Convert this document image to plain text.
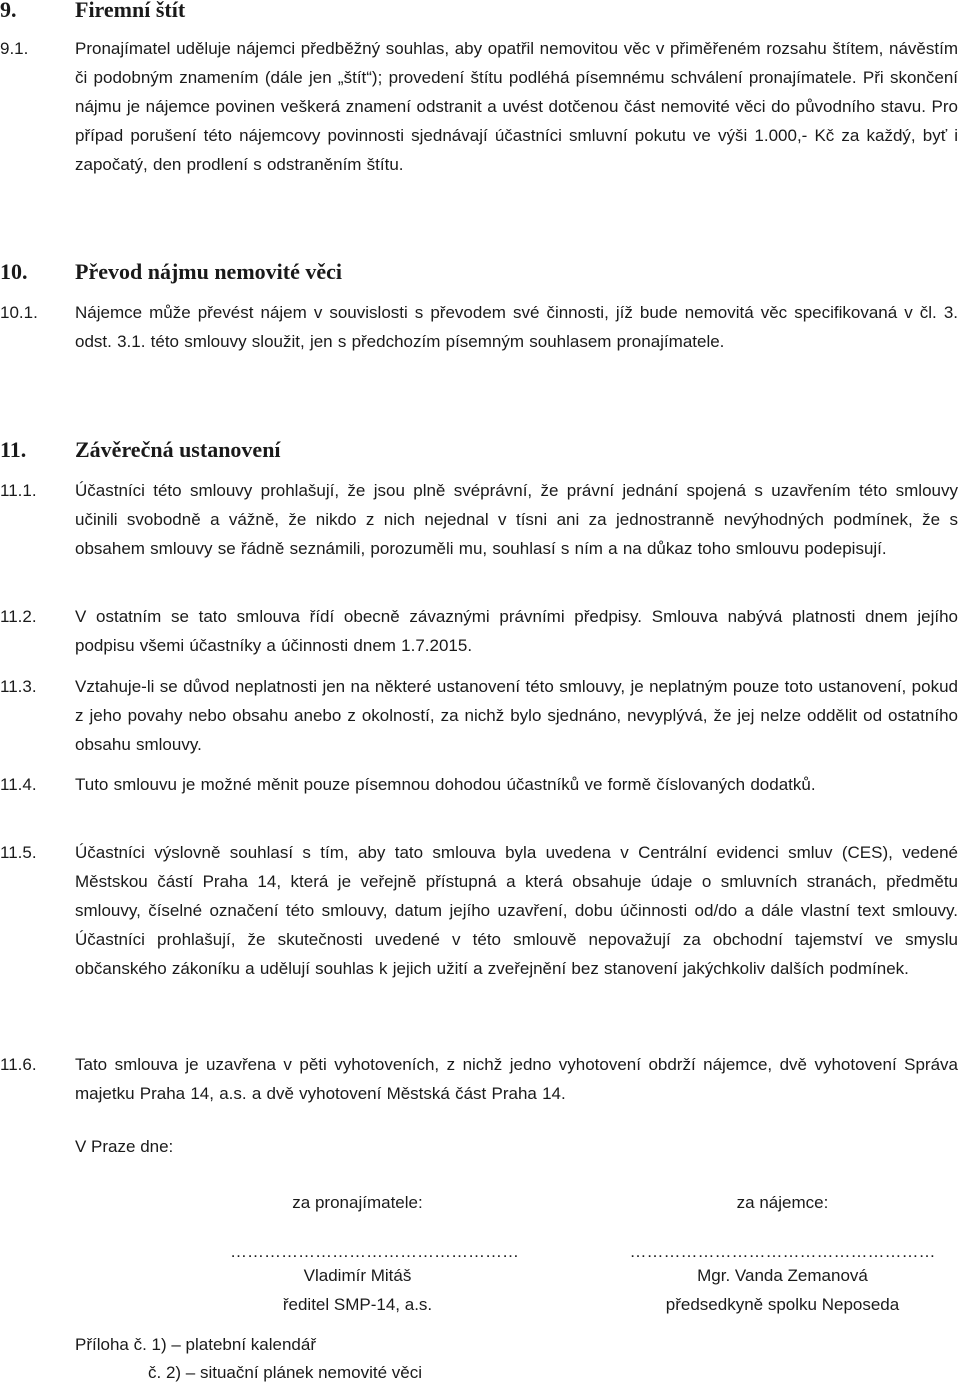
9.	Firemní štít
9.1.	Pronajímatel uděluje nájemci předběžný souhlas, aby opatřil nemovitou věc v přiměřeném rozsahu štítem, návěstím či podobným znamením (dále jen „štít“); provedení štítu podléhá písemnému schválení pronajímatele. Při skončení nájmu je nájemce povinen veškerá znamení odstranit a uvést dotčenou část nemovité věci do původního stavu. Pro případ porušení této nájemcovy povinnosti sjednávají účastníci smluvní pokutu ve výši 1.000,- Kč za každý, byť i započatý, den prodlení s odstraněním štítu.
10. Převod nájmu nemovité věci
10.1. Nájemce může převést nájem v souvislosti s převodem své činnosti, jíž bude nemovitá věc specifikovaná v čl. 3. odst. 3.1. této smlouvy sloužit, jen s předchozím písemným souhlasem pronajímatele.
11. Závěrečná ustanovení
11.1. Účastníci této smlouvy prohlašují, že jsou plně svéprávní, že právní jednání spojená s uzavřením této smlouvy učinili svobodně a vážně, že nikdo z nich nejednal v tísni ani za jednostranně nevýhodných podmínek, že s obsahem smlouvy se řádně seznámili, porozuměli mu, souhlasí s ním a na důkaz toho smlouvu podepisují.
11.2. V ostatním se tato smlouva řídí obecně závaznými právními předpisy. Smlouva nabývá platnosti dnem jejího podpisu všemi účastníky a účinnosti dnem 1.7.2015.
11.3. Vztahuje-li se důvod neplatnosti jen na některé ustanovení této smlouvy, je neplatným pouze toto ustanovení, pokud z jeho povahy nebo obsahu anebo z okolností, za nichž bylo sjednáno, nevyplývá, že jej nelze oddělit od ostatního obsahu smlouvy.
11.4. Tuto smlouvu je možné měnit pouze písemnou dohodou účastníků ve formě číslovaných dodatků.
11.5. Účastníci výslovně souhlasí s tím, aby tato smlouva byla uvedena v Centrální evidenci smluv (CES), vedené Městskou částí Praha 14, která je veřejně přístupná a která obsahuje údaje o smluvních stranách, předmětu smlouvy, číselné označení této smlouvy, datum jejího uzavření, dobu účinnosti od/do a dále vlastní text smlouvy. Účastníci prohlašují, že skutečnosti uvedené v této smlouvě nepovažují za obchodní tajemství ve smyslu občanského zákoníku a udělují souhlas k jejich užití a zveřejnění bez stanovení jakýchkoliv dalších podmínek.
11.6. Tato smlouva je uzavřena v pěti vyhotoveních, z nichž jedno vyhotovení obdrží nájemce, dvě vyhotovení Správa majetku Praha 14, a.s. a dvě vyhotovení Městská část Praha 14.
V Praze dne:
za pronajímatele:
……………………………………………
Vladimír Mitáš
ředitel SMP-14, a.s.
za nájemce:
………………………………………………
Mgr. Vanda Zemanová
předsedkyně spolku Neposeda
Příloha č. 1) – platební kalendář
č. 2) – situační plánek nemovité věci
